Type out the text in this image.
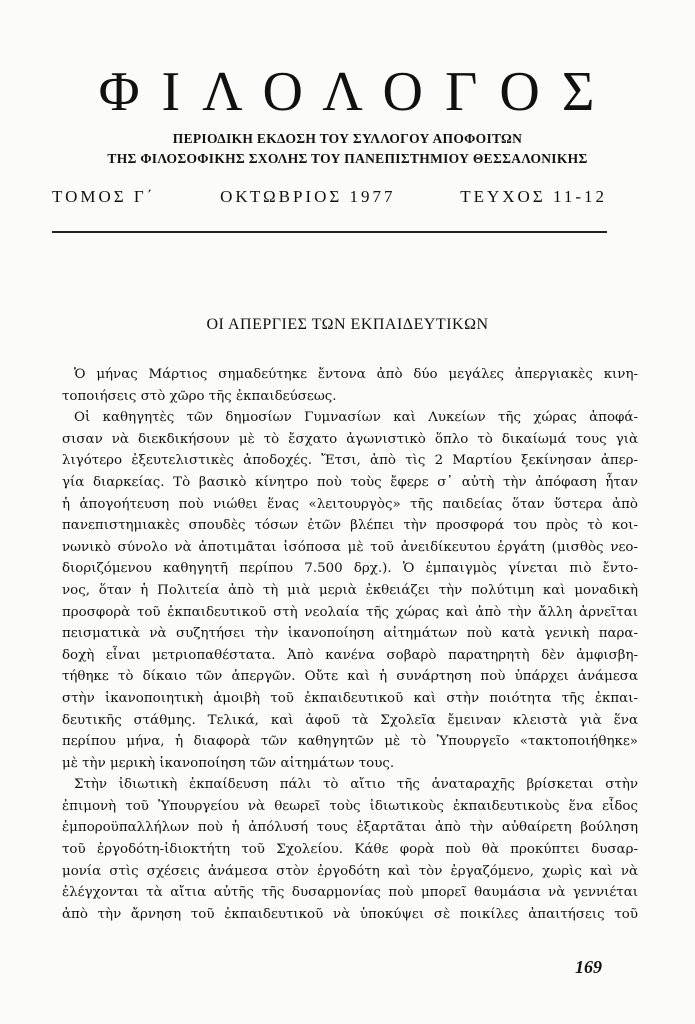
ΦΙΛΟΛΟΓΟΣ
ΠΕΡΙΟΔΙΚΗ ΕΚΔΟΣΗ ΤΟΥ ΣΥΛΛΟΓΟΥ ΑΠΟΦΟΙΤΩΝ
ΤΗΣ ΦΙΛΟΣΟΦΙΚΗΣ ΣΧΟΛΗΣ ΤΟΥ ΠΑΝΕΠΙΣΤΗΜΙΟΥ ΘΕΣΣΑΛΟΝΙΚΗΣ
ΤΟΜΟΣ Γ΄	ΟΚΤΩΒΡΙΟΣ 1977	ΤΕΥΧΟΣ 11-12
ΟΙ ΑΠΕΡΓΙΕΣ ΤΩΝ ΕΚΠΑΙΔΕΥΤΙΚΩΝ
Ὁ μήνας Μάρτιος σημαδεύτηκε ἔντονα ἀπὸ δύο μεγάλες ἀπεργιακὲς κινη-
τοποιήσεις στὸ χῶρο τῆς ἐκπαιδεύσεως.
Οἱ καθηγητὲς τῶν δημοσίων Γυμνασίων καὶ Λυκείων τῆς χώρας ἀποφά-
σισαν νὰ διεκδικήσουν μὲ τὸ ἔσχατο ἀγωνιστικὸ ὅπλο τὸ δικαίωμά τους γιὰ
λιγότερο ἐξευτελιστικὲς ἀποδοχές. Ἔτσι, ἀπὸ τὶς 2 Μαρτίου ξεκίνησαν ἀπερ-
γία διαρκείας. Τὸ βασικὸ κίνητρο ποὺ τοὺς ἔφερε σ᾿ αὐτὴ τὴν ἀπόφαση ἦταν
ἡ ἀπογοήτευση ποὺ νιώθει ἕνας «λειτουργὸς» τῆς παιδείας ὅταν ὕστερα ἀπὸ
πανεπιστημιακὲς σπουδὲς τόσων ἐτῶν βλέπει τὴν προσφορά του πρὸς τὸ κοι-
νωνικὸ σύνολο νὰ ἀποτιμᾶται ἰσόποσα μὲ τοῦ ἀνειδίκευτου ἐργάτη (μισθὸς νεο-
διοριζόμενου καθηγητῆ περίπου 7.500 δρχ.). Ὁ ἐμπαιγμὸς γίνεται πιὸ ἔντο-
νος, ὅταν ἡ Πολιτεία ἀπὸ τὴ μιὰ μεριὰ ἐκθειάζει τὴν πολύτιμη καὶ μοναδικὴ
προσφορὰ τοῦ ἐκπαιδευτικοῦ στὴ νεολαία τῆς χώρας καὶ ἀπὸ τὴν ἄλλη ἀρνεῖται
πεισματικὰ νὰ συζητήσει τὴν ἱκανοποίηση αἰτημάτων ποὺ κατὰ γενικὴ παρα-
δοχὴ εἶναι μετριοπαθέστατα. Ἀπὸ κανένα σοβαρὸ παρατηρητὴ δὲν ἀμφισβη-
τήθηκε τὸ δίκαιο τῶν ἀπεργῶν. Οὔτε καὶ ἡ συνάρτηση ποὺ ὑπάρχει ἀνάμεσα
στὴν ἱκανοποιητικὴ ἀμοιβὴ τοῦ ἐκπαιδευτικοῦ καὶ στὴν ποιότητα τῆς ἐκπαι-
δευτικῆς στάθμης. Τελικά, καὶ ἀφοῦ τὰ Σχολεῖα ἔμειναν κλειστὰ γιὰ ἕνα
περίπου μήνα, ἡ διαφορὰ τῶν καθηγητῶν μὲ τὸ Ὑπουργεῖο «τακτοποιήθηκε»
μὲ τὴν μερικὴ ἱκανοποίηση τῶν αἰτημάτων τους.
Στὴν ἰδιωτικὴ ἐκπαίδευση πάλι τὸ αἴτιο τῆς ἀναταραχῆς βρίσκεται στὴν
ἐπιμονὴ τοῦ Ὑπουργείου νὰ θεωρεῖ τοὺς ἰδιωτικοὺς ἐκπαιδευτικοὺς ἕνα εἶδος
ἐμποροϋπαλλήλων ποὺ ἡ ἀπόλυσή τους ἐξαρτᾶται ἀπὸ τὴν αὐθαίρετη βούληση
τοῦ ἐργοδότη-ἰδιοκτήτη τοῦ Σχολείου. Κάθε φορὰ ποὺ θὰ προκύπτει δυσαρ-
μονία στὶς σχέσεις ἀνάμεσα στὸν ἐργοδότη καὶ τὸν ἐργαζόμενο, χωρὶς καὶ νὰ
ἐλέγχονται τὰ αἴτια αὐτῆς τῆς δυσαρμονίας ποὺ μπορεῖ θαυμάσια νὰ γεννιέται
ἀπὸ τὴν ἄρνηση τοῦ ἐκπαιδευτικοῦ νὰ ὑποκύψει σὲ ποικίλες ἀπαιτήσεις τοῦ
169
